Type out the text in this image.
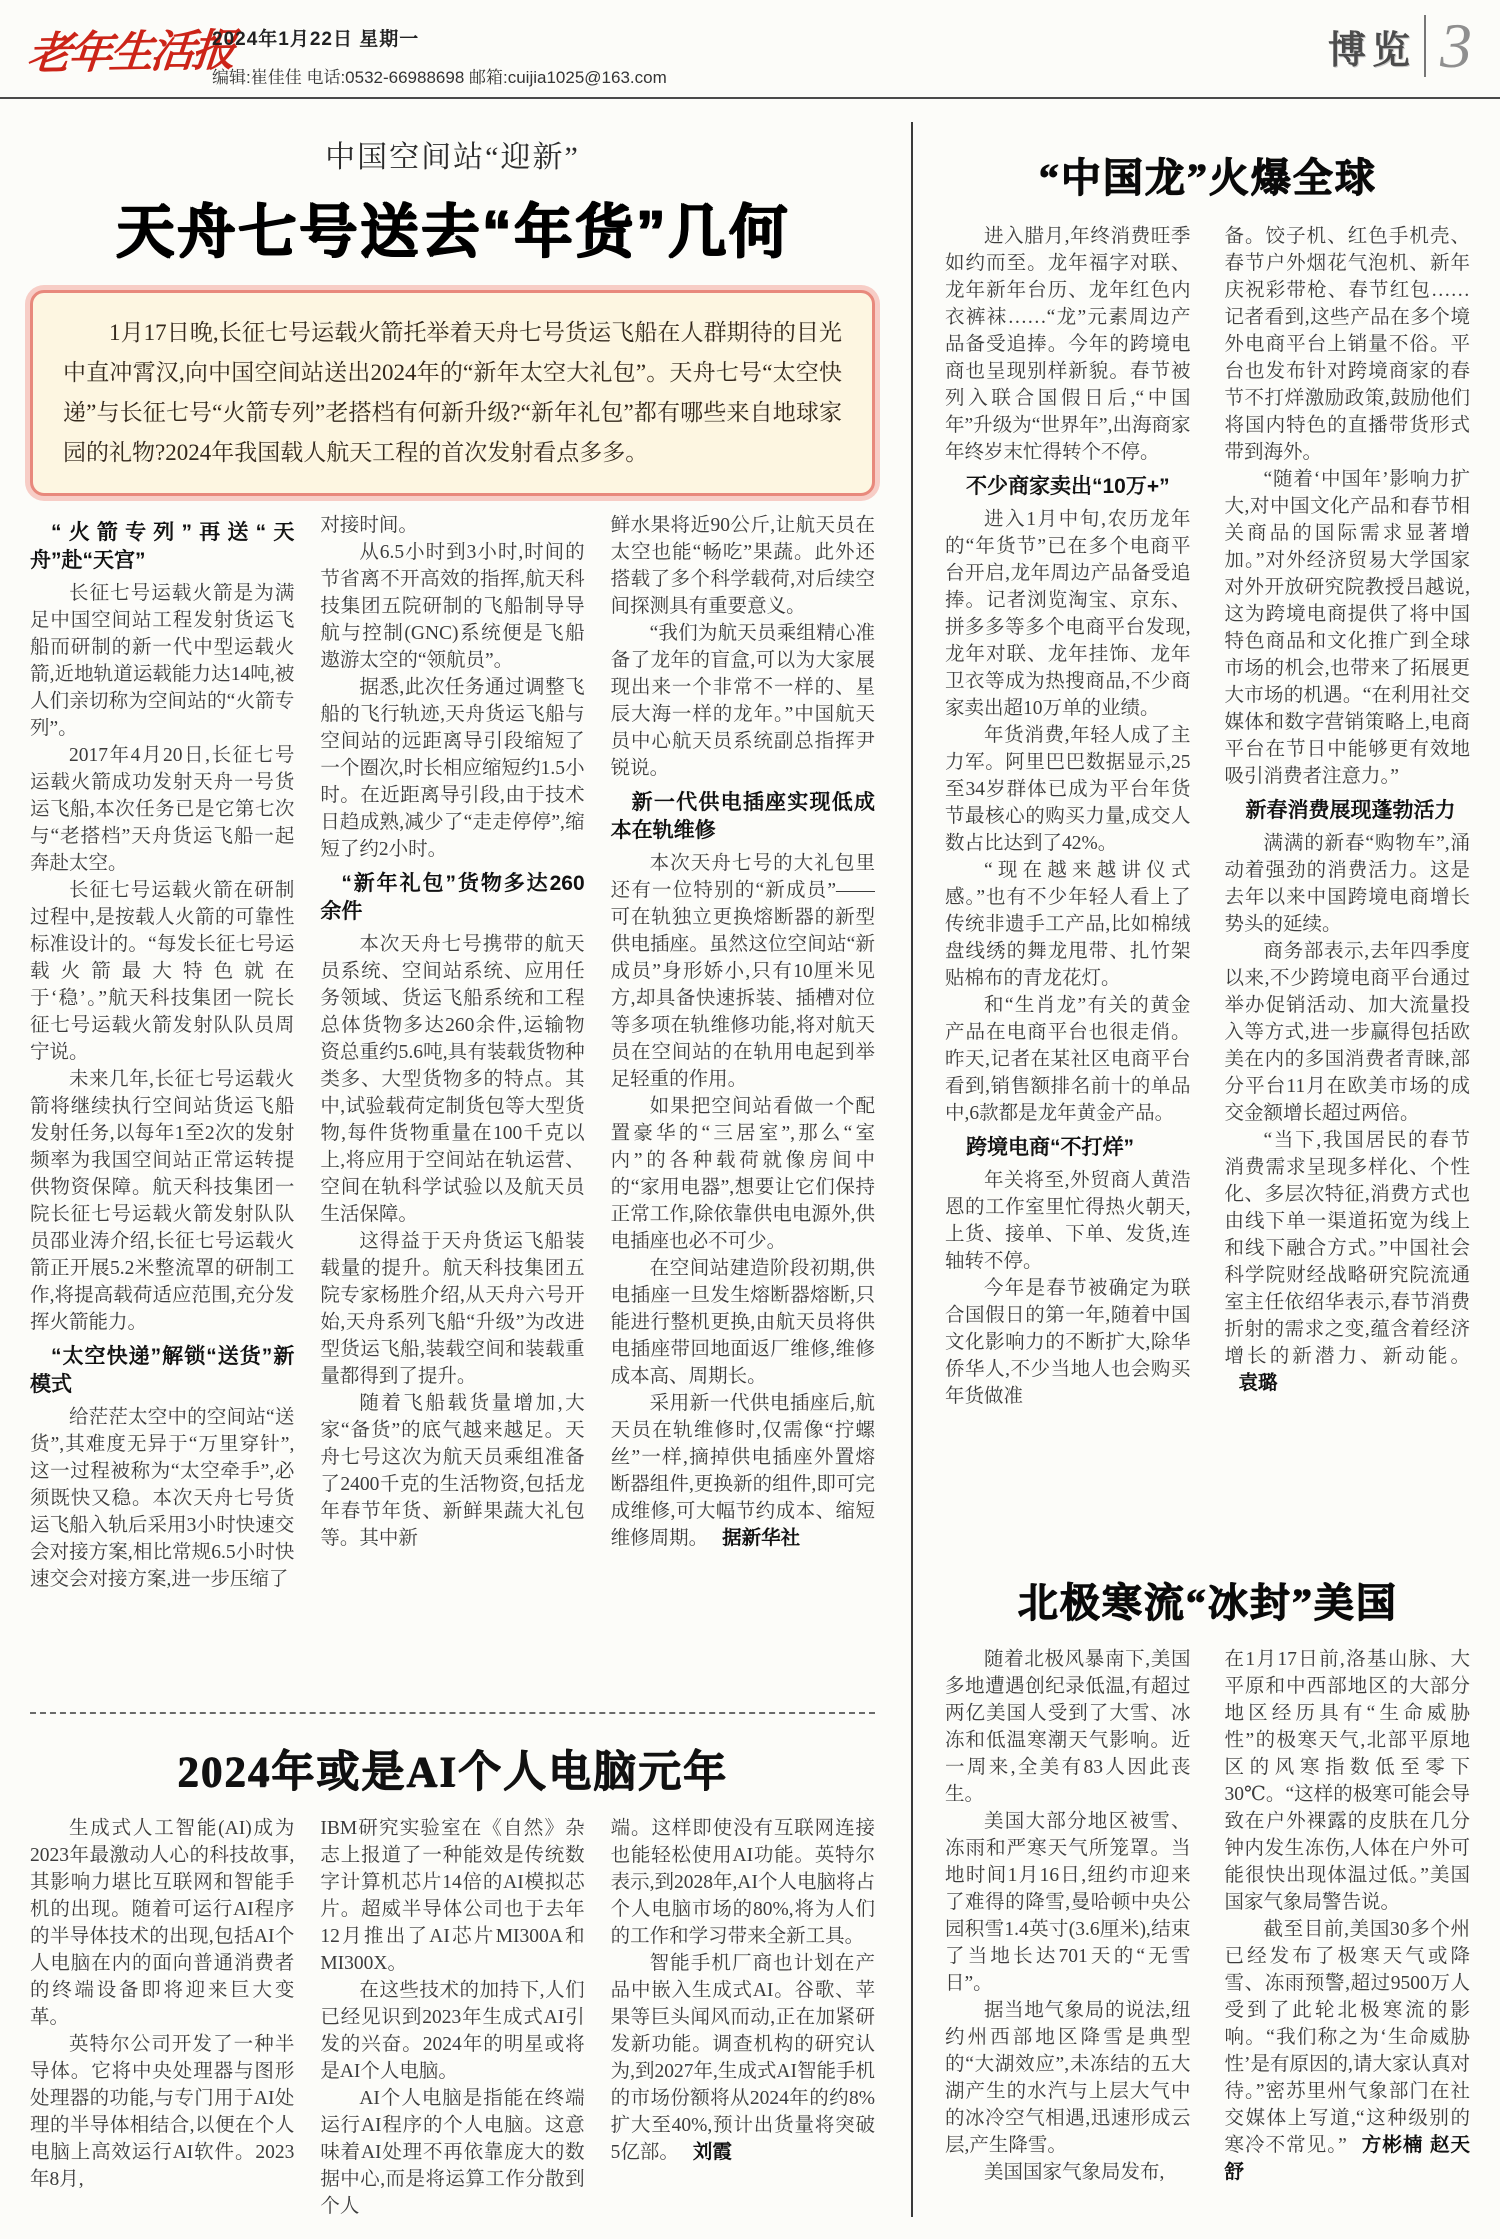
老年生活报
2024年1月22日 星期一
编辑:崔佳佳 电话:0532-66988698 邮箱:cuijia1025@163.com
博览 3
中国空间站“迎新”
天舟七号送去“年货”几何

1月17日晚,长征七号运载火箭托举着天舟七号货运飞船在人群期待的目光中直冲霄汉,向中国空间站送出2024年的“新年太空大礼包”。天舟七号“太空快递”与长征七号“火箭专列”老搭档有何新升级?“新年礼包”都有哪些来自地球家园的礼物?2024年我国载人航天工程的首次发射看点多多。

“火箭专列”再送“天舟”赴“天宫”
长征七号运载火箭是为满足中国空间站工程发射货运飞船而研制的新一代中型运载火箭,近地轨道运载能力达14吨,被人们亲切称为空间站的“火箭专列”。
2017年4月20日,长征七号运载火箭成功发射天舟一号货运飞船,本次任务已是它第七次与“老搭档”天舟货运飞船一起奔赴太空。
长征七号运载火箭在研制过程中,是按载人火箭的可靠性标准设计的。“每发长征七号运载火箭最大特色就在于‘稳’。”航天科技集团一院长征七号运载火箭发射队队员周宁说。
未来几年,长征七号运载火箭将继续执行空间站货运飞船发射任务,以每年1至2次的发射频率为我国空间站正常运转提供物资保障。航天科技集团一院长征七号运载火箭发射队队员邵业涛介绍,长征七号运载火箭正开展5.2米整流罩的研制工作,将提高载荷适应范围,充分发挥火箭能力。
“太空快递”解锁“送货”新模式
给茫茫太空中的空间站“送货”,其难度无异于“万里穿针”,这一过程被称为“太空牵手”,必须既快又稳。本次天舟七号货运飞船入轨后采用3小时快速交会对接方案,相比常规6.5小时快速交会对接方案,进一步压缩了
对接时间。
从6.5小时到3小时,时间的节省离不开高效的指挥,航天科技集团五院研制的飞船制导导航与控制(GNC)系统便是飞船遨游太空的“领航员”。
据悉,此次任务通过调整飞船的飞行轨迹,天舟货运飞船与空间站的远距离导引段缩短了一个圈次,时长相应缩短约1.5小时。在近距离导引段,由于技术日趋成熟,减少了“走走停停”,缩短了约2小时。
“新年礼包”货物多达260余件
本次天舟七号携带的航天员系统、空间站系统、应用任务领域、货运飞船系统和工程总体货物多达260余件,运输物资总重约5.6吨,具有装载货物种类多、大型货物多的特点。其中,试验载荷定制货包等大型货物,每件货物重量在100千克以上,将应用于空间站在轨运营、空间在轨科学试验以及航天员生活保障。
这得益于天舟货运飞船装载量的提升。航天科技集团五院专家杨胜介绍,从天舟六号开始,天舟系列飞船“升级”为改进型货运飞船,装载空间和装载重量都得到了提升。
随着飞船载货量增加,大家“备货”的底气越来越足。天舟七号这次为航天员乘组准备了2400千克的生活物资,包括龙年春节年货、新鲜果蔬大礼包等。其中新
鲜水果将近90公斤,让航天员在太空也能“畅吃”果蔬。此外还搭载了多个科学载荷,对后续空间探测具有重要意义。
“我们为航天员乘组精心准备了龙年的盲盒,可以为大家展现出来一个非常不一样的、星辰大海一样的龙年。”中国航天员中心航天员系统副总指挥尹锐说。
新一代供电插座实现低成本在轨维修
本次天舟七号的大礼包里还有一位特别的“新成员”——可在轨独立更换熔断器的新型供电插座。虽然这位空间站“新成员”身形娇小,只有10厘米见方,却具备快速拆装、插槽对位等多项在轨维修功能,将对航天员在空间站的在轨用电起到举足轻重的作用。
如果把空间站看做一个配置豪华的“三居室”,那么“室内”的各种载荷就像房间中的“家用电器”,想要让它们保持正常工作,除依靠供电电源外,供电插座也必不可少。
在空间站建造阶段初期,供电插座一旦发生熔断器熔断,只能进行整机更换,由航天员将供电插座带回地面返厂维修,维修成本高、周期长。
采用新一代供电插座后,航天员在轨维修时,仅需像“拧螺丝”一样,摘掉供电插座外置熔断器组件,更换新的组件,即可完成维修,可大幅节约成本、缩短维修周期。 据新华社
2024年或是AI个人电脑元年
生成式人工智能(AI)成为2023年最激动人心的科技故事,其影响力堪比互联网和智能手机的出现。随着可运行AI程序的半导体技术的出现,包括AI个人电脑在内的面向普通消费者的终端设备即将迎来巨大变革。
英特尔公司开发了一种半导体。它将中央处理器与图形处理器的功能,与专门用于AI处理的半导体相结合,以便在个人电脑上高效运行AI软件。2023年8月,
IBM研究实验室在《自然》杂志上报道了一种能效是传统数字计算机芯片14倍的AI模拟芯片。超威半导体公司也于去年12月推出了AI芯片MI300A和MI300X。
在这些技术的加持下,人们已经见识到2023年生成式AI引发的兴奋。2024年的明星或将是AI个人电脑。
AI个人电脑是指能在终端运行AI程序的个人电脑。这意味着AI处理不再依靠庞大的数据中心,而是将运算工作分散到个人
端。这样即使没有互联网连接也能轻松使用AI功能。英特尔表示,到2028年,AI个人电脑将占个人电脑市场的80%,将为人们的工作和学习带来全新工具。
智能手机厂商也计划在产品中嵌入生成式AI。谷歌、苹果等巨头闻风而动,正在加紧研发新功能。调查机构的研究认为,到2027年,生成式AI智能手机的市场份额将从2024年的约8%扩大至40%,预计出货量将突破5亿部。 刘霞
“中国龙”火爆全球
进入腊月,年终消费旺季如约而至。龙年福字对联、龙年新年台历、龙年红色内衣裤袜……“龙”元素周边产品备受追捧。今年的跨境电商也呈现别样新貌。春节被列入联合国假日后,“中国年”升级为“世界年”,出海商家年终岁末忙得转个不停。
不少商家卖出“10万+”
进入1月中旬,农历龙年的“年货节”已在多个电商平台开启,龙年周边产品备受追捧。记者浏览淘宝、京东、拼多多等多个电商平台发现,龙年对联、龙年挂饰、龙年卫衣等成为热搜商品,不少商家卖出超10万单的业绩。
年货消费,年轻人成了主力军。阿里巴巴数据显示,25至34岁群体已成为平台年货节最核心的购买力量,成交人数占比达到了42%。
“现在越来越讲仪式感。”也有不少年轻人看上了传统非遗手工产品,比如棉绒盘线绣的舞龙甩带、扎竹架贴棉布的青龙花灯。
和“生肖龙”有关的黄金产品在电商平台也很走俏。昨天,记者在某社区电商平台看到,销售额排名前十的单品中,6款都是龙年黄金产品。
跨境电商“不打烊”
年关将至,外贸商人黄浩恩的工作室里忙得热火朝天,上货、接单、下单、发货,连轴转不停。
今年是春节被确定为联合国假日的第一年,随着中国文化影响力的不断扩大,除华侨华人,不少当地人也会购买年货做准
备。饺子机、红色手机壳、春节户外烟花气泡机、新年庆祝彩带枪、春节红包……记者看到,这些产品在多个境外电商平台上销量不俗。平台也发布针对跨境商家的春节不打烊激励政策,鼓励他们将国内特色的直播带货形式带到海外。
“随着‘中国年’影响力扩大,对中国文化产品和春节相关商品的国际需求显著增加。”对外经济贸易大学国家对外开放研究院教授吕越说,这为跨境电商提供了将中国特色商品和文化推广到全球市场的机会,也带来了拓展更大市场的机遇。“在利用社交媒体和数字营销策略上,电商平台在节日中能够更有效地吸引消费者注意力。”
新春消费展现蓬勃活力
满满的新春“购物车”,涌动着强劲的消费活力。这是去年以来中国跨境电商增长势头的延续。
商务部表示,去年四季度以来,不少跨境电商平台通过举办促销活动、加大流量投入等方式,进一步赢得包括欧美在内的多国消费者青睐,部分平台11月在欧美市场的成交金额增长超过两倍。
“当下,我国居民的春节消费需求呈现多样化、个性化、多层次特征,消费方式也由线下单一渠道拓宽为线上和线下融合方式。”中国社会科学院财经战略研究院流通室主任依绍华表示,春节消费折射的需求之变,蕴含着经济增长的新潜力、新动能。袁璐
北极寒流“冰封”美国
随着北极风暴南下,美国多地遭遇创纪录低温,有超过两亿美国人受到了大雪、冰冻和低温寒潮天气影响。近一周来,全美有83人因此丧生。
美国大部分地区被雪、冻雨和严寒天气所笼罩。当地时间1月16日,纽约市迎来了难得的降雪,曼哈顿中央公园积雪1.4英寸(3.6厘米),结束了当地长达701天的“无雪日”。
据当地气象局的说法,纽约州西部地区降雪是典型的“大湖效应”,未冻结的五大湖产生的水汽与上层大气中的冰冷空气相遇,迅速形成云层,产生降雪。
美国国家气象局发布,
在1月17日前,洛基山脉、大平原和中西部地区的大部分地区经历具有“生命威胁性”的极寒天气,北部平原地区的风寒指数低至零下30℃。“这样的极寒可能会导致在户外裸露的皮肤在几分钟内发生冻伤,人体在户外可能很快出现体温过低。”美国国家气象局警告说。
截至目前,美国30多个州已经发布了极寒天气或降雪、冻雨预警,超过9500万人受到了此轮北极寒流的影响。“我们称之为‘生命威胁性’是有原因的,请大家认真对待。”密苏里州气象部门在社交媒体上写道,“这种级别的寒冷不常见。” 方彬楠 赵天舒
